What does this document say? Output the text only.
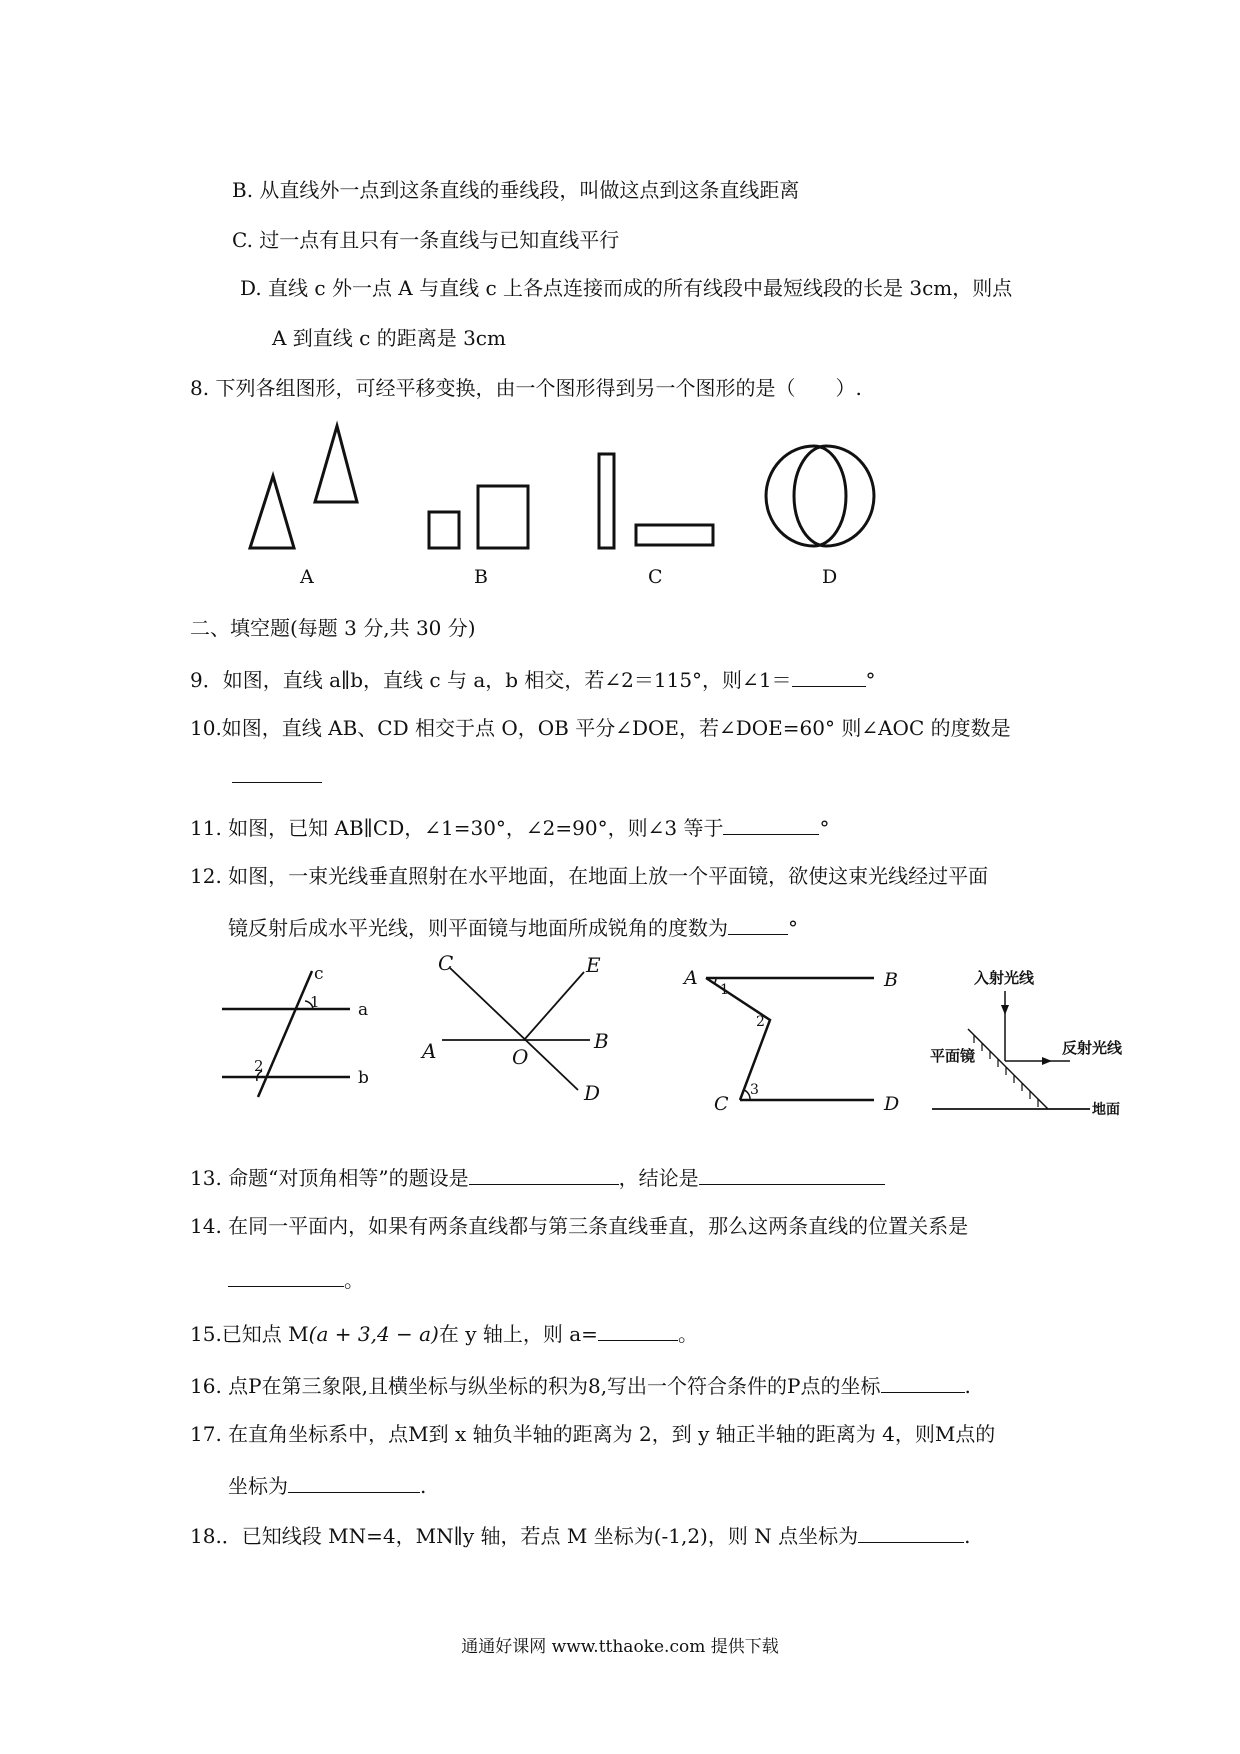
B. 从直线外一点到这条直线的垂线段，叫做这点到这条直线距离
C. 过一点有且只有一条直线与已知直线平行
D. 直线 c 外一点 A 与直线 c 上各点连接而成的所有线段中最短线段的长是 3cm，则点
A 到直线 c 的距离是 3cm
8. 下列各组图形，可经平移变换，由一个图形得到另一个图形的是（　　）.
A	B	C	D
二、填空题(每题 3 分,共 30 分)
9．如图，直线 a∥b，直线 c 与 a，b 相交，若∠2＝115°，则∠1＝	°
10.如图，直线 AB、CD 相交于点 O，OB 平分∠DOE，若∠DOE=60° 则∠AOC 的度数是
11. 如图，已知 AB∥CD，∠1=30°，∠2=90°，则∠3 等于	°
12. 如图，一束光线垂直照射在水平地面，在地面上放一个平面镜，欲使这束光线经过平面
镜反射后成水平光线，则平面镜与地面所成锐角的度数为	°
c
a
b
1
2
C	E
A	O
B
D
A	B
C	D
1
2
3
入射光线
平面镜	反射光线
地面
13. 命题“对顶角相等”的题设是	，结论是
14. 在同一平面内，如果有两条直线都与第三条直线垂直，那么这两条直线的位置关系是
。
15.已知点 M(a + 3,4 − a)在 y 轴上，则 a=	。
16. 点P在第三象限,且横坐标与纵坐标的积为8,写出一个符合条件的P点的坐标	.
17. 在直角坐标系中，点M到 x 轴负半轴的距离为 2，到 y 轴正半轴的距离为 4，则M点的
坐标为	.
18.．已知线段 MN=4，MN∥y 轴，若点 M 坐标为(-1,2)，则 N 点坐标为	.
通通好课网 www.tthaoke.com 提供下载
